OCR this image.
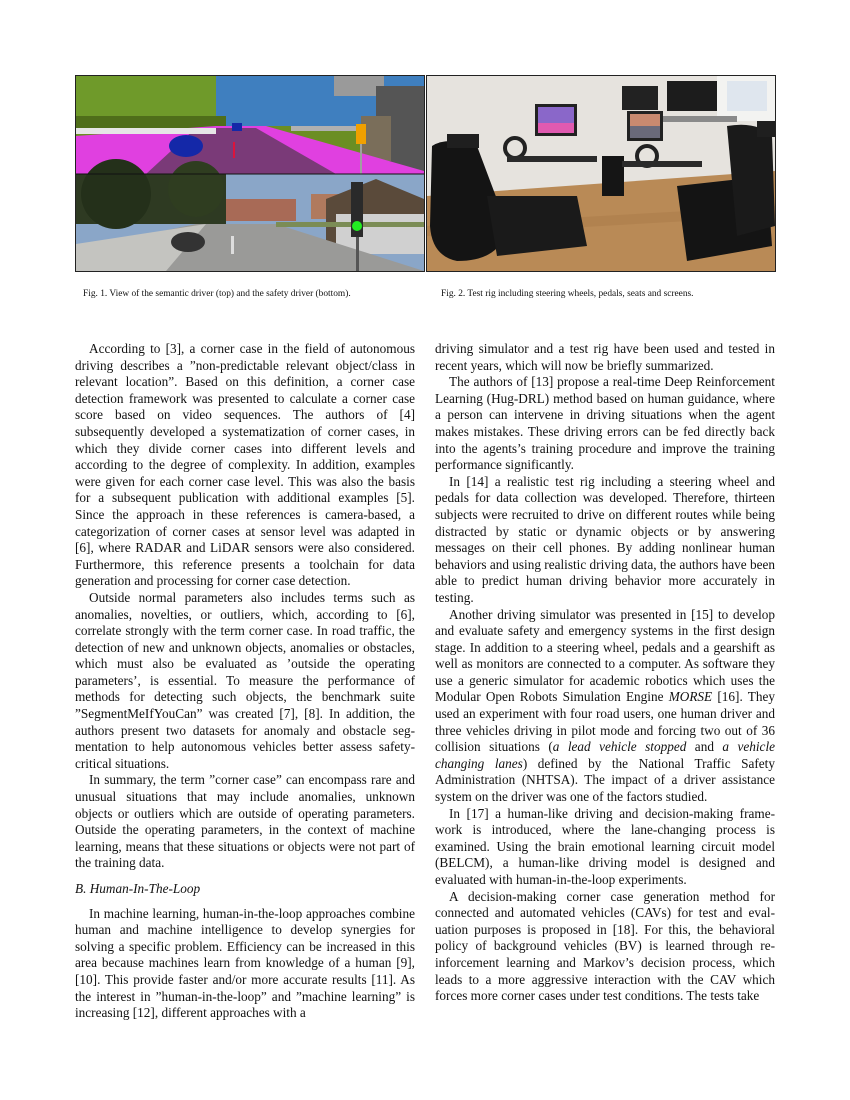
Fig. 1. View of the semantic driver (top) and the safety driver (bottom).	Fig. 2. Test rig including steering wheels, pedals, seats and screens.

According to [3], a corner case in the field of autonomous driving describes a ”non-predictable relevant object/class in relevant location”. Based on this definition, a corner case detection framework was presented to calculate a corner case score based on video sequences. The authors of [4] subsequently developed a systematization of corner cases, in which they divide corner cases into different levels and according to the degree of complexity. In addition, examples were given for each corner case level. This was also the basis for a subsequent publication with additional examples [5]. Since the approach in these references is camera-based, a categorization of corner cases at sensor level was adapted in [6], where RADAR and LiDAR sensors were also considered. Furthermore, this reference presents a toolchain for data generation and processing for corner case detection.

Outside normal parameters also includes terms such as anomalies, novelties, or outliers, which, according to [6], correlate strongly with the term corner case. In road traffic, the detection of new and unknown objects, anomalies or obstacles, which must also be evaluated as ’outside the operating parameters’, is essential. To measure the performance of methods for detecting such objects, the benchmark suite ”SegmentMeIfYouCan” was created [7], [8]. In addition, the authors present two datasets for anomaly and obstacle segmentation to help autonomous vehicles better assess safety-critical situations.

In summary, the term ”corner case” can encompass rare and unusual situations that may include anomalies, unknown objects or outliers which are outside of operating parameters. Outside the operating parameters, in the context of machine learning, means that these situations or objects were not part of the training data.

B. Human-In-The-Loop

In machine learning, human-in-the-loop approaches combine human and machine intelligence to develop synergies for solving a specific problem. Efficiency can be increased in this area because machines learn from knowledge of a human [9], [10]. This provide faster and/or more accurate results [11]. As the interest in ”human-in-the-loop” and ”machine learning” is increasing [12], different approaches with a

driving simulator and a test rig have been used and tested in recent years, which will now be briefly summarized.

The authors of [13] propose a real-time Deep Reinforcement Learning (Hug-DRL) method based on human guidance, where a person can intervene in driving situations when the agent makes mistakes. These driving errors can be fed directly back into the agents’s training procedure and improve the training performance significantly.

In [14] a realistic test rig including a steering wheel and pedals for data collection was developed. Therefore, thirteen subjects were recruited to drive on different routes while being distracted by static or dynamic objects or by answering messages on their cell phones. By adding nonlinear human behaviors and using realistic driving data, the authors have been able to predict human driving behavior more accurately in testing.

Another driving simulator was presented in [15] to develop and evaluate safety and emergency systems in the first design stage. In addition to a steering wheel, pedals and a gearshift as well as monitors are connected to a computer. As software they use a generic simulator for academic robotics which uses the Modular Open Robots Simulation Engine MORSE [16]. They used an experiment with four road users, one human driver and three vehicles driving in pilot mode and forcing two out of 36 collision situations (a lead vehicle stopped and a vehicle changing lanes) defined by the National Traffic Safety Administration (NHTSA). The impact of a driver assistance system on the driver was one of the factors studied.

In [17] a human-like driving and decision-making framework is introduced, where the lane-changing process is examined. Using the brain emotional learning circuit model (BELCM), a human-like driving model is designed and evaluated with human-in-the-loop experiments.

A decision-making corner case generation method for connected and automated vehicles (CAVs) for test and evaluation purposes is proposed in [18]. For this, the behavioral policy of background vehicles (BV) is learned through reinforcement learning and Markov’s decision process, which leads to a more aggressive interaction with the CAV which forces more corner cases under test conditions. The tests take
